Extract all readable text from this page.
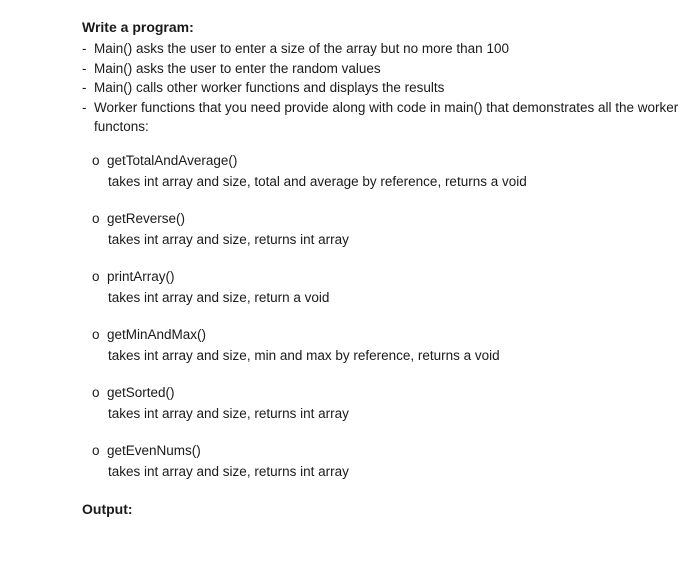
Write a program:
- Main() asks the user to enter a size of the array but no more than 100
- Main() asks the user to enter the random values
- Main() calls other worker functions and displays the results
- Worker functions that you need provide along with code in main() that demonstrates all the worker functons:
o getTotalAndAverage()
takes int array and size, total and average by reference, returns a void
o getReverse()
takes int array and size, returns int array
o printArray()
takes int array and size, return a void
o getMinAndMax()
takes int array and size, min and max by reference, returns a void
o getSorted()
takes int array and size, returns int array
o getEvenNums()
takes int array and size, returns int array
Output:
